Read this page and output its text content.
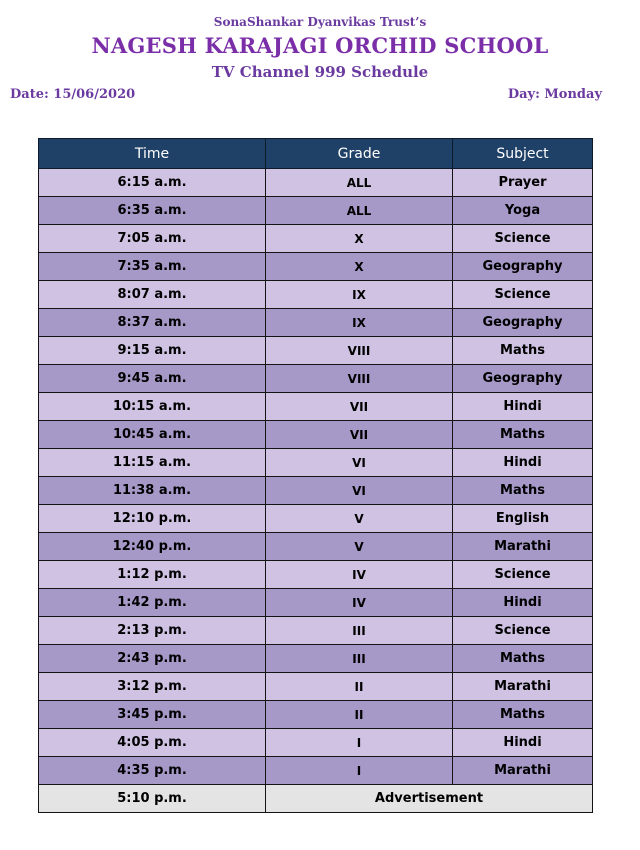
SonaShankar Dyanvikas Trust’s
NAGESH KARAJAGI ORCHID SCHOOL
TV Channel 999 Schedule
Date: 15/06/2020	Day: Monday
Time	Grade	Subject
6:15 a.m.	ALL	Prayer
6:35 a.m.	ALL	Yoga
7:05 a.m.	X	Science
7:35 a.m.	X	Geography
8:07 a.m.	IX	Science
8:37 a.m.	IX	Geography
9:15 a.m.	VIII	Maths
9:45 a.m.	VIII	Geography
10:15 a.m.	VII	Hindi
10:45 a.m.	VII	Maths
11:15 a.m.	VI	Hindi
11:38 a.m.	VI	Maths
12:10 p.m.	V	English
12:40 p.m.	V	Marathi
1:12 p.m.	IV	Science
1:42 p.m.	IV	Hindi
2:13 p.m.	III	Science
2:43 p.m.	III	Maths
3:12 p.m.	II	Marathi
3:45 p.m.	II	Maths
4:05 p.m.	I	Hindi
4:35 p.m.	I	Marathi
5:10 p.m.	Advertisement	
